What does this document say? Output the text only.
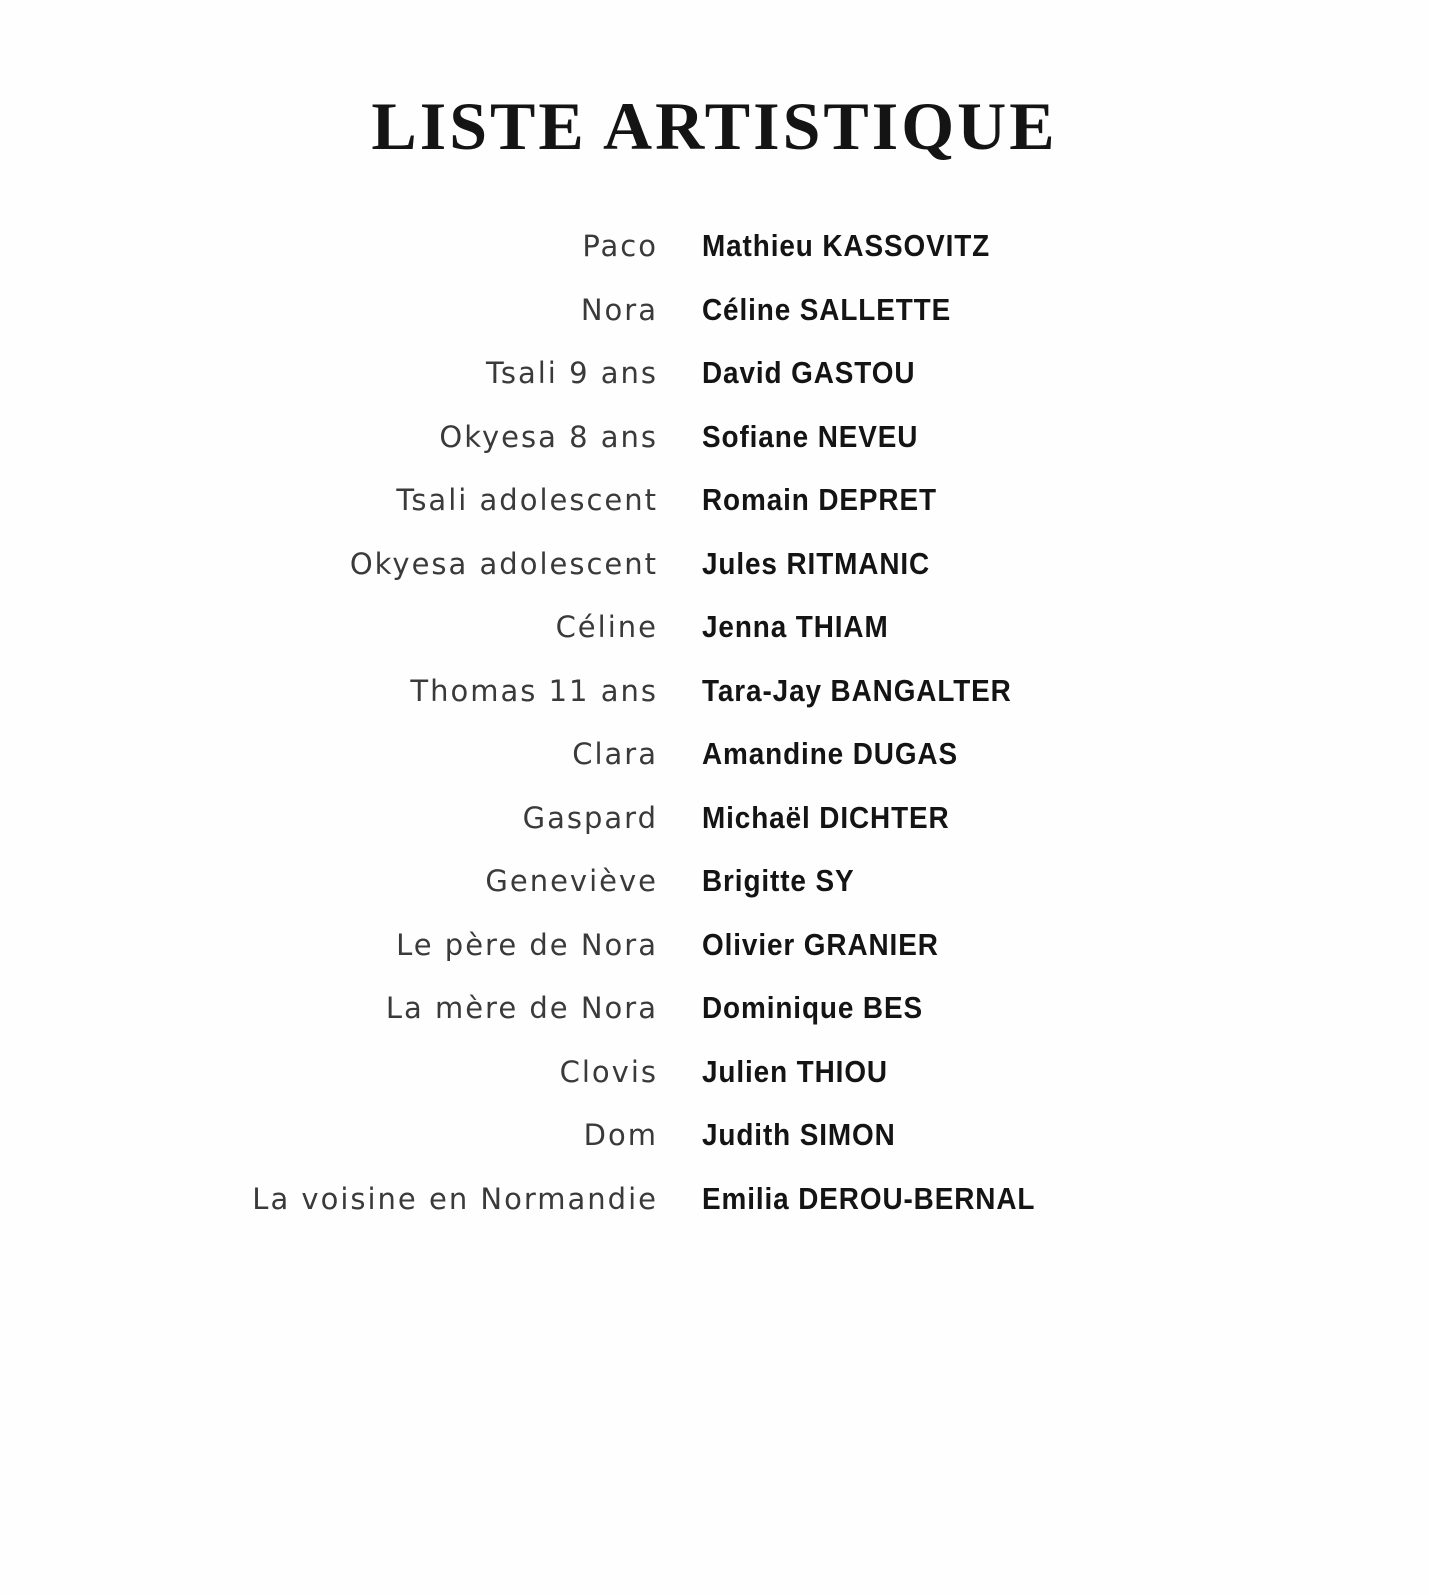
LISTE ARTISTIQUE
Paco Mathieu KASSOVITZ
Nora Céline SALLETTE
Tsali 9 ans David GASTOU
Okyesa 8 ans Sofiane NEVEU
Tsali adolescent Romain DEPRET
Okyesa adolescent Jules RITMANIC
Céline Jenna THIAM
Thomas 11 ans Tara-Jay BANGALTER
Clara Amandine DUGAS
Gaspard Michaël DICHTER
Geneviève Brigitte SY
Le père de Nora Olivier GRANIER
La mère de Nora Dominique BES
Clovis Julien THIOU
Dom Judith SIMON
La voisine en Normandie Emilia DEROU-BERNAL
